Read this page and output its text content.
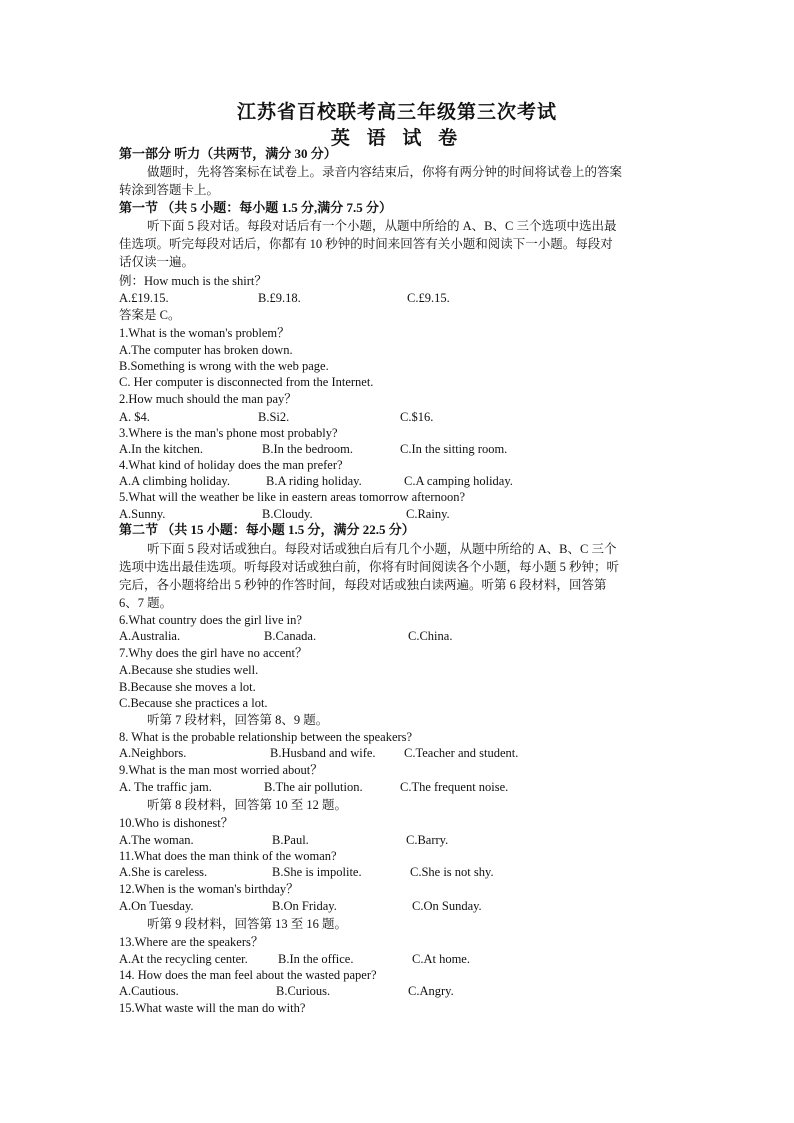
江苏省百校联考高三年级第三次考试
英 语 试 卷
第一部分 听力（共两节，满分 30 分）
做题时，先将答案标在试卷上。录音内容结束后，你将有两分钟的时间将试卷上的答案
转涂到答题卡上。
第一节 （共 5 小题：每小题 1.5 分,满分 7.5 分）
听下面 5 段对话。每段对话后有一个小题，从题中所给的 A、B、C 三个选项中选出最
佳选项。听完每段对话后，你都有 10 秒钟的时间来回答有关小题和阅读下一小题。每段对
话仅读一遍。
例：How much is the shirt？
A.£19.15.	B.£9.18.	C.£9.15.
答案是 C。
1.What is the woman's problem？
A.The computer has broken down.
B.Something is wrong with the web page.
C. Her computer is disconnected from the Internet.
2.How much should the man pay？
A. $4.	B.Si2.	C.$16.
3.Where is the man's phone most probably?
A.In the kitchen.	B.In the bedroom.	C.In the sitting room.
4.What kind of holiday does the man prefer?
A.A climbing holiday.	B.A riding holiday.	C.A camping holiday.
5.What will the weather be like in eastern areas tomorrow afternoon?
A.Sunny.	B.Cloudy.	C.Rainy.
第二节 （共 15 小题：每小题 1.5 分，满分 22.5 分）
听下面 5 段对话或独白。每段对话或独白后有几个小题，从题中所给的 A、B、C 三个
选项中选出最佳选项。听每段对话或独白前，你将有时间阅读各个小题，每小题 5 秒钟；听
完后，各小题将给出 5 秒钟的作答时间，每段对话或独白读两遍。听第 6 段材料，回答第
6、7 题。
6.What country does the girl live in?
A.Australia.	B.Canada.	C.China.
7.Why does the girl have no accent？
A.Because she studies well.
B.Because she moves a lot.
C.Because she practices a lot.
听第 7 段材料，回答第 8、9 题。
8. What is the probable relationship between the speakers?
A.Neighbors.	B.Husband and wife. C.Teacher and student.
9.What is the man most worried about？
A. The traffic jam.	B.The air pollution.	C.The frequent noise.
听第 8 段材料，回答第 10 至 12 题。
10.Who is dishonest？
A.The woman.	B.Paul.	C.Barry.
11.What does the man think of the woman?
A.She is careless.	B.She is impolite.	C.She is not shy.
12.When is the woman's birthday？
A.On Tuesday.	B.On Friday.	C.On Sunday.
听第 9 段材料，回答第 13 至 16 题。
13.Where are the speakers？
A.At the recycling center. B.In the office.	C.At home.
14. How does the man feel about the wasted paper?
A.Cautious.	B.Curious.	C.Angry.
15.What waste will the man do with?
